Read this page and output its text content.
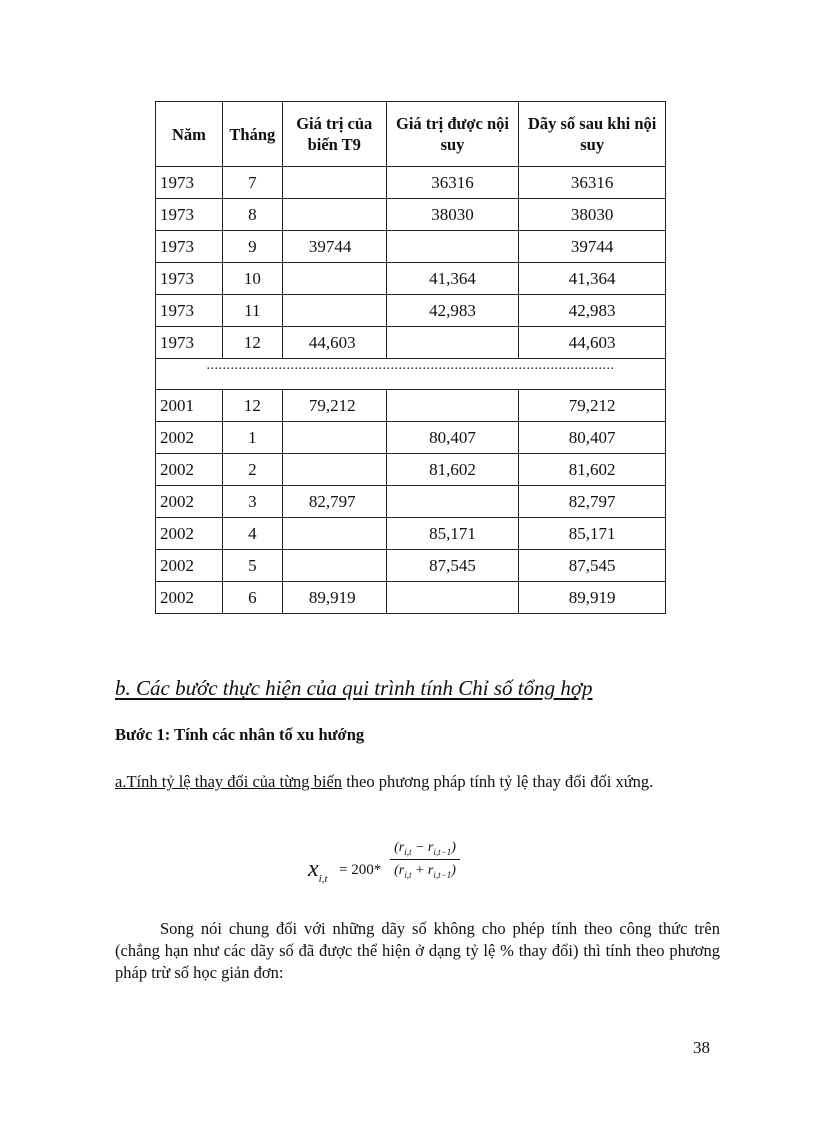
Năm	Tháng	Giá trị của biến T9	Giá trị được nội suy	Dãy số sau khi nội suy
1973	7		36316	36316
1973	8		38030	38030
1973	9	39744		39744
1973	10		41,364	41,364
1973	11		42,983	42,983
1973	12	44,603		44,603
......................................................................................................				
2001	12	79,212		79,212
2002	1		80,407	80,407
2002	2		81,602	81,602
2002	3	82,797		82,797
2002	4		85,171	85,171
2002	5		87,545	87,545
2002	6	89,919		89,919
b. Các bước thực hiện của qui trình tính Chỉ số tổng hợp
Bước 1: Tính các nhân tố xu hướng
a.Tính tỷ lệ thay đổi của từng biến theo phương pháp tính tỷ lệ thay đổi đối xứng.
$x_{i,t}$
= $200* \frac{(r_{i,t} - r_{i,t-1})}{(r_{i,t} + r_{i,t-1})}$
Song nói chung đối với những dãy số không cho phép tính theo công thức trên (chẳng hạn như các dãy số đã được thể hiện ở dạng tỷ lệ % thay đổi) thì tính theo phương pháp trừ số học giản đơn:
38
